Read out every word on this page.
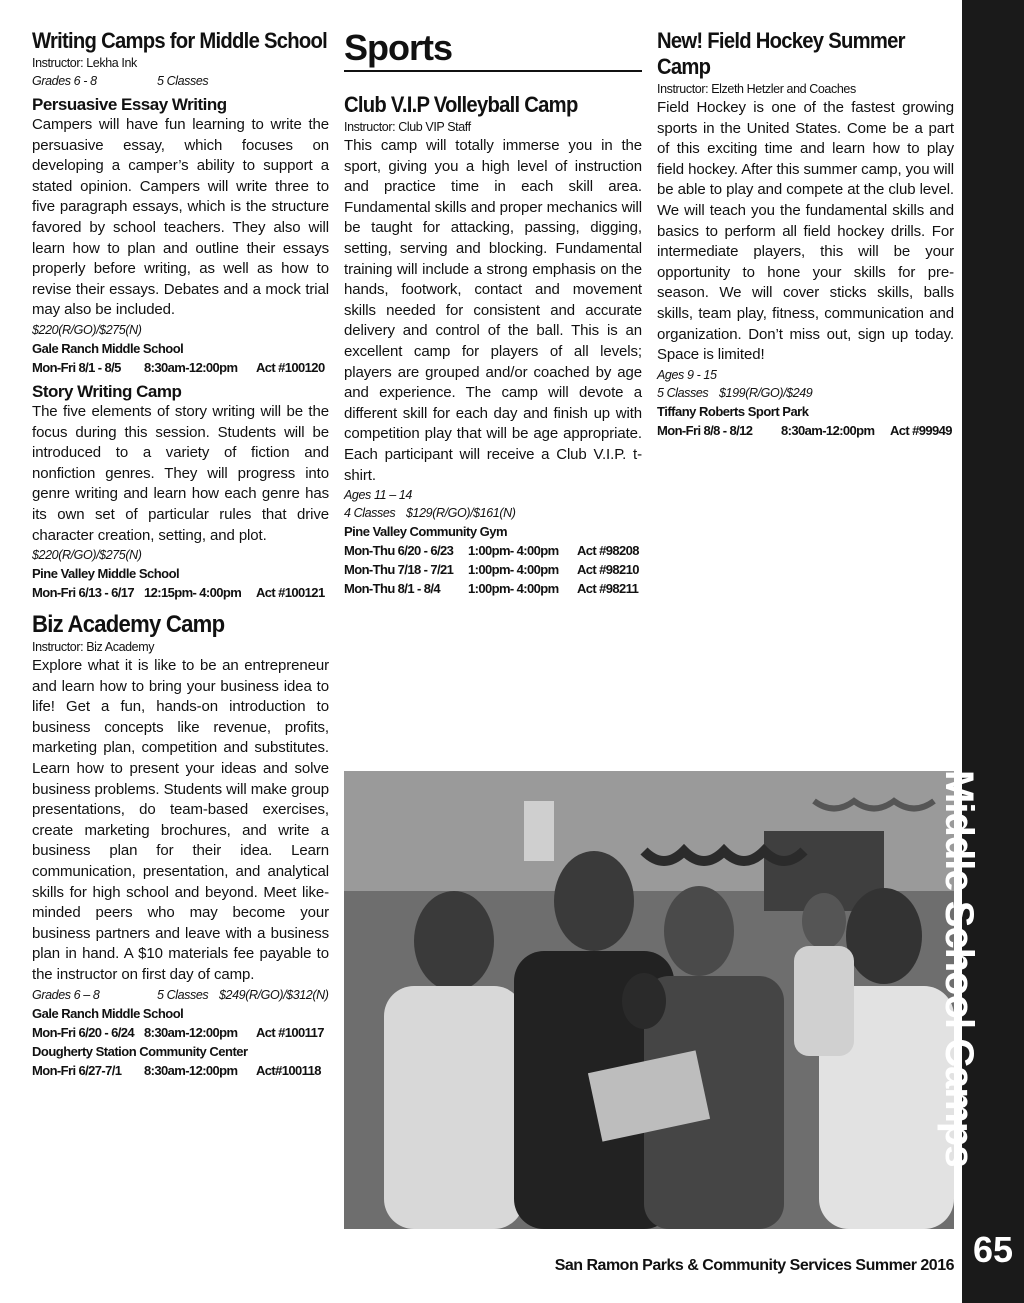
Writing Camps for Middle School
Instructor: Lekha Ink
Grades 6 - 8	5 Classes
Persuasive Essay Writing
Campers will have fun learning to write the persuasive essay, which focuses on developing a camper’s ability to support a stated opinion. Campers will write three to five paragraph essays, which is the structure favored by school teachers. They also will learn how to plan and outline their essays properly before writing, as well as how to revise their essays. Debates and a mock trial may also be included.
$220(R/GO)/$275(N)
Gale Ranch Middle School
Mon-Fri 8/1 - 8/5 8:30am-12:00pm Act #100120
Story Writing Camp
The five elements of story writing will be the focus during this session. Students will be introduced to a variety of fiction and nonfiction genres. They will progress into genre writing and learn how each genre has its own set of particular rules that drive character creation, setting, and plot.
$220(R/GO)/$275(N)
Pine Valley Middle School
Mon-Fri 6/13 - 6/17 12:15pm- 4:00pm Act #100121
Biz Academy Camp
Instructor: Biz Academy
Explore what it is like to be an entrepreneur and learn how to bring your business idea to life! Get a fun, hands-on introduction to business concepts like revenue, profits, marketing plan, competition and substitutes. Learn how to present your ideas and solve business problems. Students will make group presentations, do team-based exercises, create marketing brochures, and write a business plan for their idea. Learn communication, presentation, and analytical skills for high school and beyond. Meet like-minded peers who may become your business partners and leave with a business plan in hand. A $10 materials fee payable to the instructor on first day of camp.
Grades 6 – 8	5 Classes $249(R/GO)/$312(N)
Gale Ranch Middle School
Mon-Fri 6/20 - 6/24 8:30am-12:00pm Act #100117
Dougherty Station Community Center
Mon-Fri 6/27-7/1 8:30am-12:00pm Act#100118
Sports
Club V.I.P Volleyball Camp
Instructor: Club VIP Staff
This camp will totally immerse you in the sport, giving you a high level of instruction and practice time in each skill area. Fundamental skills and proper mechanics will be taught for attacking, passing, digging, setting, serving and blocking. Fundamental training will include a strong emphasis on the hands, footwork, contact and movement skills needed for consistent and accurate delivery and control of the ball. This is an excellent camp for players of all levels; players are grouped and/or coached by age and experience. The camp will devote a different skill for each day and finish up with competition play that will be age appropriate. Each participant will receive a Club V.I.P. t-shirt.
Ages 11 – 14
4 Classes $129(R/GO)/$161(N)
Pine Valley Community Gym
Mon-Thu 6/20 - 6/23 1:00pm- 4:00pm Act #98208
Mon-Thu 7/18 - 7/21 1:00pm- 4:00pm Act #98210
Mon-Thu 8/1 - 8/4 1:00pm- 4:00pm Act #98211
New! Field Hockey Summer Camp
Instructor: Elzeth Hetzler and Coaches
Field Hockey is one of the fastest growing sports in the United States. Come be a part of this exciting time and learn how to play field hockey. After this summer camp, you will be able to play and compete at the club level. We will teach you the fundamental skills and basics to perform all field hockey drills. For intermediate players, this will be your opportunity to hone your skills for pre-season. We will cover sticks skills, balls skills, team play, fitness, communication and organization. Don’t miss out, sign up today. Space is limited!
Ages 9 - 15
5 Classes $199(R/GO)/$249
Tiffany Roberts Sport Park
Mon-Fri 8/8 - 8/12 8:30am-12:00pm Act #99949
Middle School Camps
65
San Ramon Parks & Community Services Summer 2016
